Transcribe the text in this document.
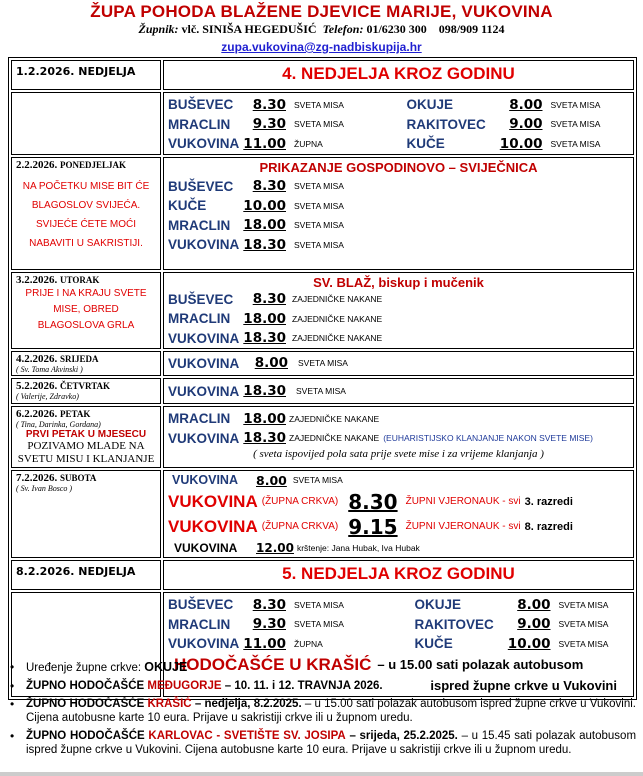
ŽUPA POHODA BLAŽENE DJEVICE MARIJE, VUKOVINA
Župnik: vlč. SINIŠA HEGEDUŠIĆ Telefon: 01/6230 300    098/909 1124
zupa.vukovina@zg-nadbiskupija.hr
1.2.2026. NEDJELJA	4. NEDJELJA KROZ GODINU

BUŠEVEC	8.30 SVETA MISA	OKUJE	8.00 SVETA MISA
MRACLIN	9.30 SVETA MISA	RAKITOVEC	9.00 SVETA MISA
VUKOVINA 11.00 ŽUPNA	KUČE	10.00 SVETA MISA

2.2.2026. PONEDJELJAK
NA POČETKU MISE BIT ĆE
BLAGOSLOV SVIJEĆA.
SVIJEĆE ĆETE MOĆI
NABAVITI U SAKRISTIJI.

PRIKAZANJE GOSPODINOVO – SVIJEČNICA
BUŠEVEC	8.30 SVETA MISA
KUČE	10.00 SVETA MISA
MRACLIN 18.00 SVETA MISA
VUKOVINA 18.30 SVETA MISA

3.2.2026. UTORAK
PRIJE I NA KRAJU SVETE
MISE, OBRED
BLAGOSLOVA GRLA

SV. BLAŽ, biskup i mučenik
BUŠEVEC	8.30 ZAJEDNIČKE NAKANE
MRACLIN 18.00 ZAJEDNIČKE NAKANE
VUKOVINA 18.30 ZAJEDNIČKE NAKANE

4.2.2026. SRIJEDA
( Sv. Toma Akvinski )	VUKOVINA	8.00 SVETA MISA

5.2.2026. ČETVRTAK
( Valerije, Zdravko)	VUKOVINA 18.30 SVETA MISA

6.2.2026. PETAK
( Tina, Darinka, Gordana)
PRVI PETAK U MJESECU
POZIVAMO MLADE NA
SVETU MISU I KLANJANJE

MRACLIN 18.00 ZAJEDNIČKE NAKANE
VUKOVINA 18.30 ZAJEDNIČKE NAKANE (EUHARISTIJSKO KLANJANJE NAKON SVETE MISE)
( sveta ispovijed pola sata prije svete mise i za vrijeme klanjanja )

7.2.2026. SUBOTA
( Sv. Ivan Bosco )

VUKOVINA	8.00 SVETA MISA
VUKOVINA (ŽUPNA CRKVA) 8.30 ŽUPNI VJERONAUK - svi 3. razredi
VUKOVINA (ŽUPNA CRKVA) 9.15 ŽUPNI VJERONAUK - svi 8. razredi
VUKOVINA	12.00 krštenje: Jana Hubak, Iva Hubak

8.2.2026. NEDJELJA	5. NEDJELJA KROZ GODINU

BUŠEVEC	8.30 SVETA MISA	OKUJE	8.00 SVETA MISA
MRACLIN	9.30 SVETA MISA	RAKITOVEC	9.00 SVETA MISA
VUKOVINA 11.00 ŽUPNA	KUČE	10.00 SVETA MISA
HODOČAŠĆE U KRAŠIĆ – u 15.00 sati polazak autobusom
ispred župne crkve u Vukovini
• Uređenje župne crkve: OKUJE
• ŽUPNO HODOČAŠĆE MEĐUGORJE – 10. 11. i 12. TRAVNJA 2026.
• ŽUPNO HODOČAŠĆE KRAŠIĆ – nedjelja, 8.2.2025. – u 15.00 sati polazak autobusom ispred župne crkve u Vukovini. Cijena autobusne karte 10 eura. Prijave u sakristiji crkve ili u župnom uredu.
• ŽUPNO HODOČAŠĆE KARLOVAC - SVETIŠTE SV. JOSIPA – srijeda, 25.2.2025. – u 15.45 sati polazak autobusom ispred župne crkve u Vukovini. Cijena autobusne karte 10 eura. Prijave u sakristiji crkve ili u župnom uredu.
